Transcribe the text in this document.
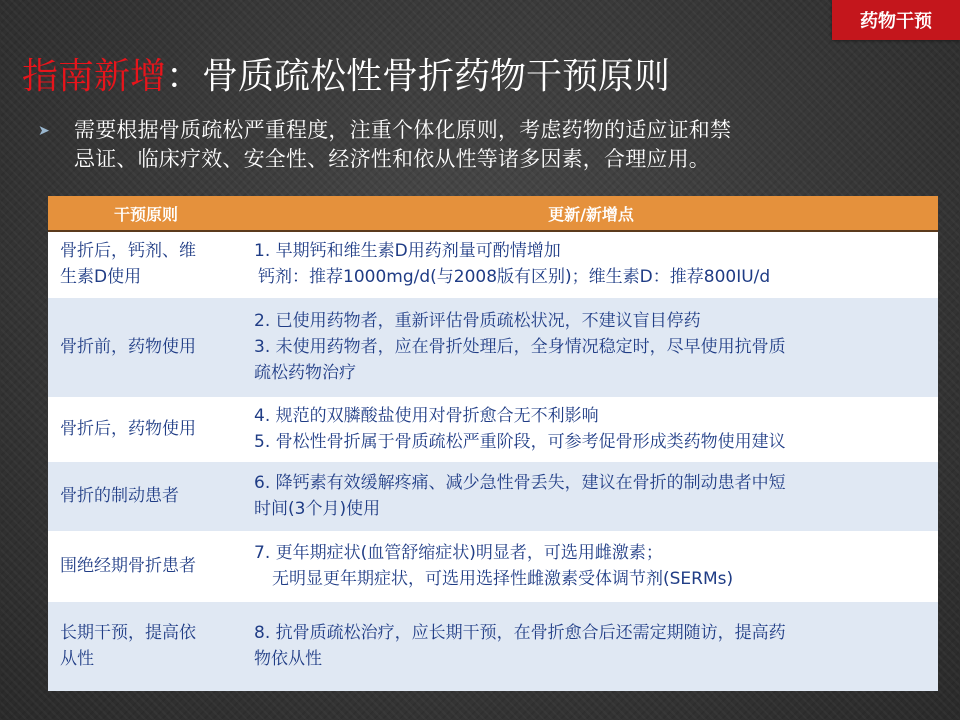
药物干预
指南新增：骨质疏松性骨折药物干预原则
➤	需要根据骨质疏松严重程度，注重个体化原则，考虑药物的适应证和禁
忌证、临床疗效、安全性、经济性和依从性等诸多因素，合理应用。
干预原则	更新/新增点

骨折后，钙剂、维
生素D使用	1. 早期钙和维生素D用药剂量可酌情增加
钙剂：推荐1000mg/d(与2008版有区别)；维生素D：推荐800IU/d

骨折前，药物使用	2. 已使用药物者，重新评估骨质疏松状况，不建议盲目停药
3. 未使用药物者，应在骨折处理后，全身情况稳定时，尽早使用抗骨质
疏松药物治疗

骨折后，药物使用	4. 规范的双膦酸盐使用对骨折愈合无不利影响
5. 骨松性骨折属于骨质疏松严重阶段，可参考促骨形成类药物使用建议

骨折的制动患者	6. 降钙素有效缓解疼痛、减少急性骨丢失，建议在骨折的制动患者中短
时间(3个月)使用

围绝经期骨折患者	7. 更年期症状(血管舒缩症状)明显者，可选用雌激素；
无明显更年期症状，可选用选择性雌激素受体调节剂(SERMs)

长期干预，提高依
从性	8. 抗骨质疏松治疗，应长期干预，在骨折愈合后还需定期随访，提高药
物依从性
